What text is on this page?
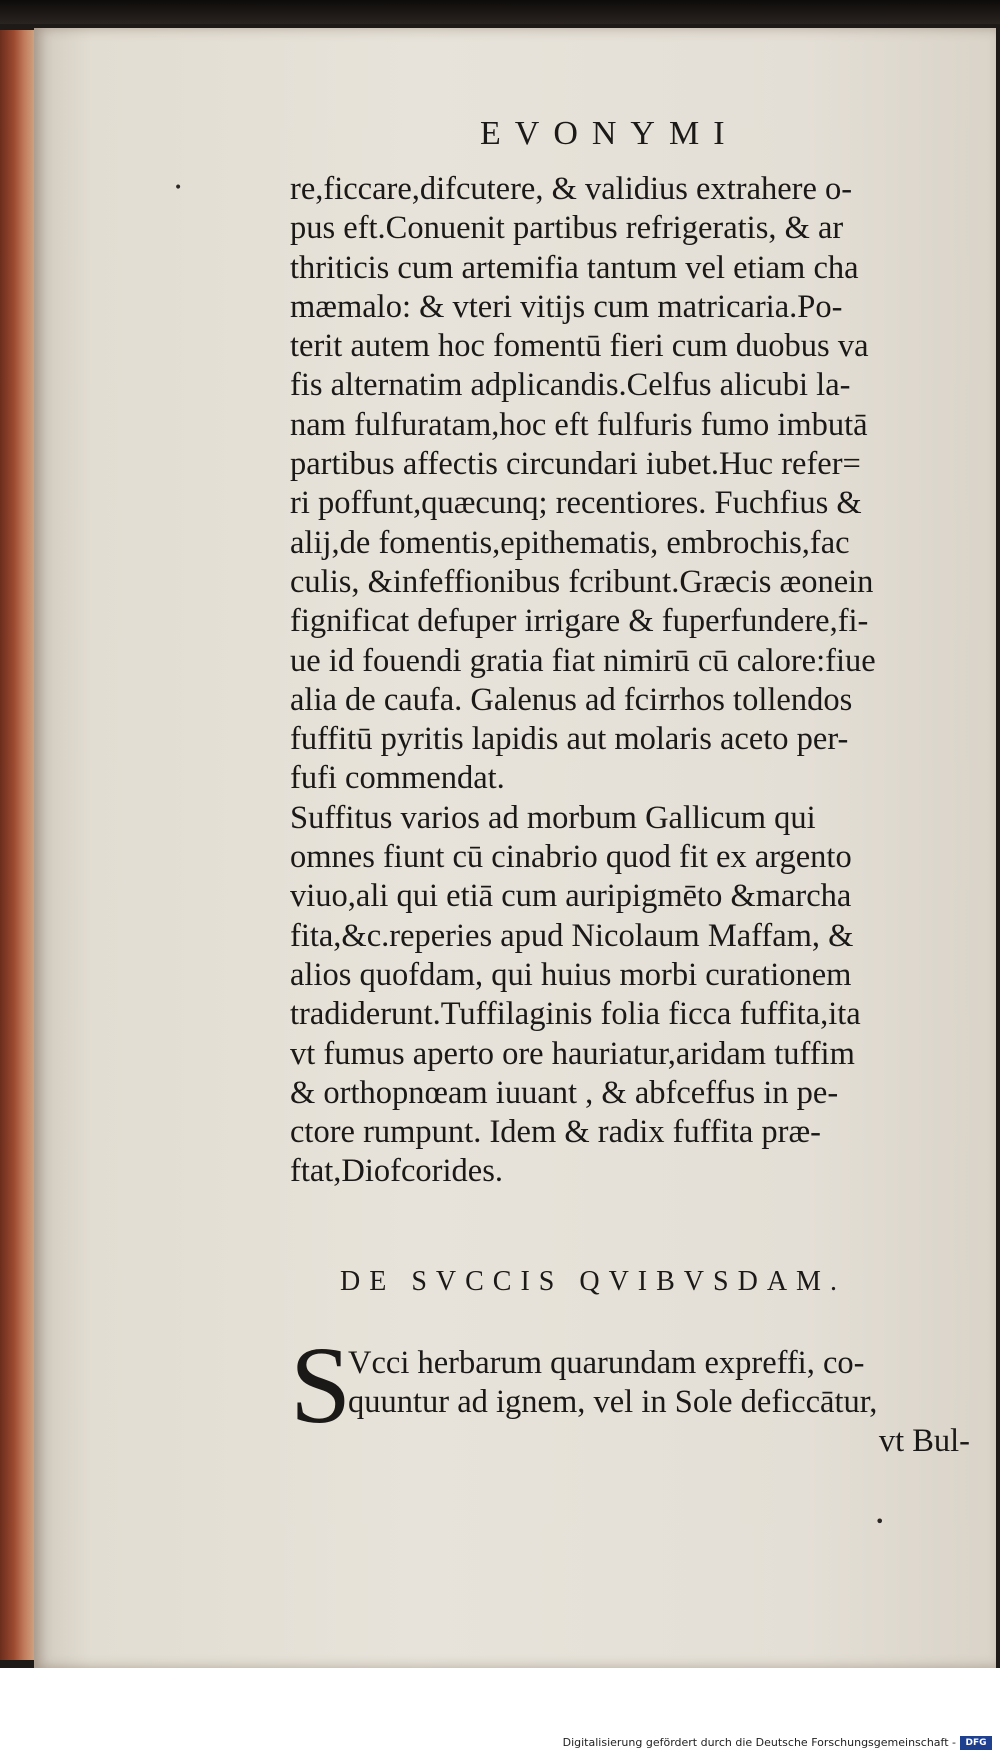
EVONYMI
•	re,ficcare,difcutere, & validius extrahere o-
pus eft.Conuenit partibus refrigeratis, & ar
thriticis cum artemifia tantum vel etiam cha
mæmalo: & vteri vitijs cum matricaria.Po-
terit autem hoc fomentū fieri cum duobus va
fis alternatim adplicandis.Celfus alicubi la-
nam fulfuratam,hoc eft fulfuris fumo imbutā
partibus affectis circundari iubet.Huc refer=
ri poffunt,quæcunq; recentiores. Fuchfius &
alij,de fomentis,epithematis, embrochis,fac
culis, &infeffionibus fcribunt.Græcis æonein
fignificat defuper irrigare & fuperfundere,fi-
ue id fouendi gratia fiat nimirū cū calore:fiue
alia de caufa. Galenus ad fcirrhos tollendos
fuffitū pyritis lapidis aut molaris aceto per-
fufi commendat.
Suffitus varios ad morbum Gallicum qui
omnes fiunt cū cinabrio quod fit ex argento
viuo,ali qui etiā cum auripigmēto &marcha
fita,&c.reperies apud Nicolaum Maffam, &
alios quofdam, qui huius morbi curationem
tradiderunt.Tuffilaginis folia ficca fuffita,ita
vt fumus aperto ore hauriatur,aridam tuffim
& orthopnœam iuuant , & abfceffus in pe-
ctore rumpunt. Idem & radix fuffita præ-
ftat,Diofcorides.
DE SVCCIS QVIBVSDAM.
S
Vcci herbarum quarundam expreffi, co-
quuntur ad ignem, vel in Sole deficcātur,
vt Bul-
•
Digitalisierung gefördert durch die Deutsche Forschungsgemeinschaft -	DFG
